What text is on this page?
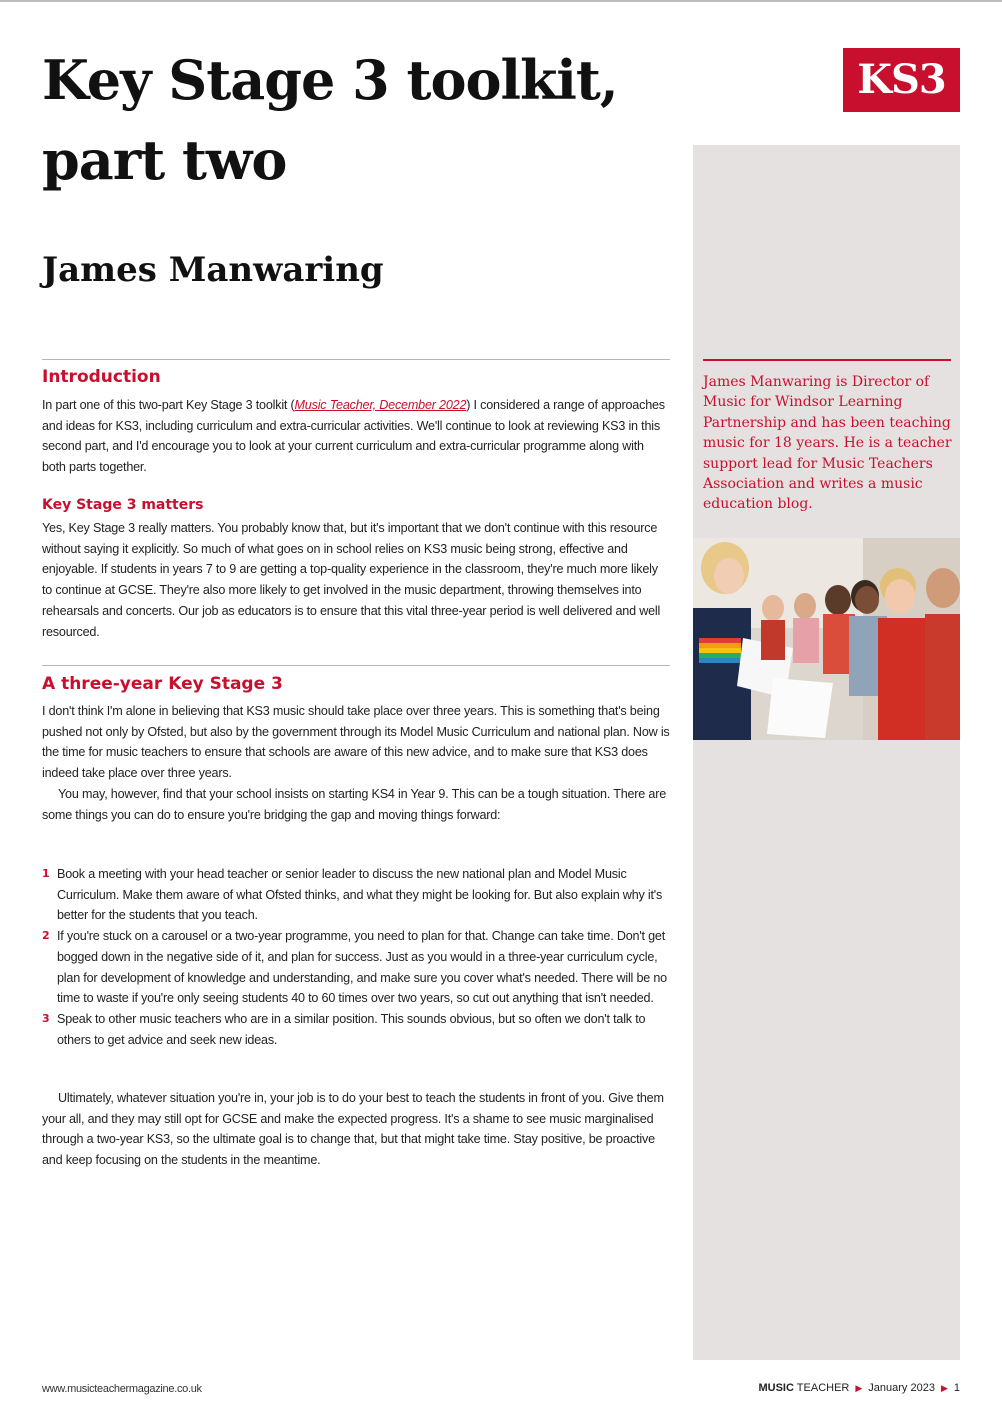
Key Stage 3 toolkit,
part two
James Manwaring
KS3

James Manwaring is Director of Music for Windsor Learning Partnership and has been teaching music for 18 years. He is a teacher support lead for Music Teachers Association and writes a music education blog.

Introduction

In part one of this two-part Key Stage 3 toolkit (Music Teacher, December 2022) I considered a range of approaches and ideas for KS3, including curriculum and extra-curricular activities. We'll continue to look at reviewing KS3 in this second part, and I'd encourage you to look at your current curriculum and extra-curricular programme along with both parts together.

Key Stage 3 matters

Yes, Key Stage 3 really matters. You probably know that, but it's important that we don't continue with this resource without saying it explicitly. So much of what goes on in school relies on KS3 music being strong, effective and enjoyable. If students in years 7 to 9 are getting a top-quality experience in the classroom, they're much more likely to continue at GCSE. They're also more likely to get involved in the music department, throwing themselves into rehearsals and concerts. Our job as educators is to ensure that this vital three-year period is well delivered and well resourced.

A three-year Key Stage 3

I don't think I'm alone in believing that KS3 music should take place over three years. This is something that's being pushed not only by Ofsted, but also by the government through its Model Music Curriculum and national plan. Now is the time for music teachers to ensure that schools are aware of this new advice, and to make sure that KS3 does indeed take place over three years.

You may, however, find that your school insists on starting KS4 in Year 9. This can be a tough situation. There are some things you can do to ensure you're bridging the gap and moving things forward:

1 Book a meeting with your head teacher or senior leader to discuss the new national plan and Model Music Curriculum. Make them aware of what Ofsted thinks, and what they might be looking for. But also explain why it's better for the students that you teach.

2 If you're stuck on a carousel or a two-year programme, you need to plan for that. Change can take time. Don't get bogged down in the negative side of it, and plan for success. Just as you would in a three-year curriculum cycle, plan for development of knowledge and understanding, and make sure you cover what's needed. There will be no time to waste if you're only seeing students 40 to 60 times over two years, so cut out anything that isn't needed.

3 Speak to other music teachers who are in a similar position. This sounds obvious, but so often we don't talk to others to get advice and seek new ideas.

Ultimately, whatever situation you're in, your job is to do your best to teach the students in front of you. Give them your all, and they may still opt for GCSE and make the expected progress. It's a shame to see music marginalised through a two-year KS3, so the ultimate goal is to change that, but that might take time. Stay positive, be proactive and keep focusing on the students in the meantime.

www.musicteachermagazine.co.uk	MUSIC TEACHER ▶ January 2023 ▶ 1
